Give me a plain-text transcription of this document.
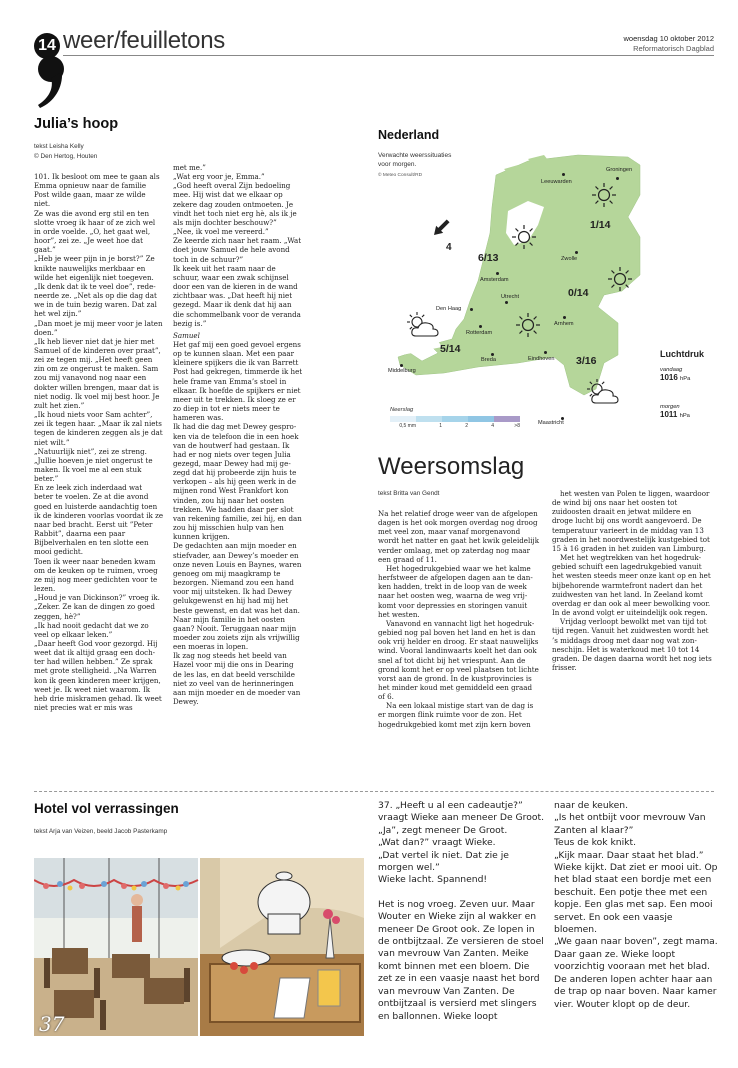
14 weer/feuilletons	woensdag 10 oktober 2012
Reformatorisch Dagblad
Julia’s hoop
tekst Leisha Kelly
© Den Hertog, Houten

101. Ik besloot om mee te gaan als Emma opnieuw naar de familie Post wilde gaan, maar ze wilde niet.

Ze was die avond erg stil en ten slotte vroeg ik haar of ze zich wel in orde voelde. „O, het gaat wel, hoor”, zei ze. „Je weet hoe dat gaat.”

„Heb je weer pijn in je borst?” Ze knikte nauwelijks merkbaar en wilde het eigenlijk niet toegeven. „Ik denk dat ik te veel doe”, redeneerde ze. „Net als op die dag dat we in de tuin bezig waren. Dat zal het wel zijn.”

„Dan moet je mij meer voor je laten doen.”

„Ik heb liever niet dat je hier met Samuel of de kinderen over praat”, zei ze tegen mij. „Het heeft geen zin om ze ongerust te maken. Sam zou mij vanavond nog naar een dokter willen brengen, maar dat is niet nodig. Ik voel mij best hoor. Je zult het zien.”

„Ik houd niets voor Sam achter”, zei ik tegen haar. „Maar ik zal niets tegen de kinderen zeggen als je dat niet wilt.”

„Natuurlijk niet”, zei ze streng. „Jullie hoeven je niet ongerust te maken. Ik voel me al een stuk beter.”

En ze leek zich inderdaad wat beter te voelen. Ze at die avond goed en luisterde aandachtig toen ik de kinderen voorlas voordat ik ze naar bed bracht. Eerst uit ”Peter Rabbit”, daarna een paar Bijbelverhalen en ten slotte een mooi gedicht.

Toen ik weer naar beneden kwam om de keuken op te ruimen, vroeg ze mij nog meer gedichten voor te lezen.

„Houd je van Dickinson?” vroeg ik.

„Zeker. Ze kan de dingen zo goed zeggen, hè?”

„Ik had nooit gedacht dat we zo veel op elkaar leken.”

„Daar heeft God voor gezorgd. Hij weet dat ik altijd graag een dochter had willen hebben.” Ze sprak met grote stelligheid. „Na Warren kon ik geen kinderen meer krijgen, weet je. Ik weet niet waarom. Ik heb drie miskramen gehad. Ik weet niet precies wat er mis was

met me.”

„Wat erg voor je, Emma.”

„God heeft overal Zijn bedoeling mee. Hij wist dat we elkaar op zekere dag zouden ontmoeten. Je vindt het toch niet erg hè, als ik je als mijn dochter beschouw?”

„Nee, ik voel me vereerd.”

Ze keerde zich naar het raam. „Wat doet jouw Samuel de hele avond toch in de schuur?”

Ik keek uit het raam naar de schuur, waar een zwak schijnsel door een van de kieren in de wand zichtbaar was. „Dat heeft hij niet gezegd. Maar ik denk dat hij aan die schommelbank voor de veranda bezig is.”

Samuel

Het gaf mij een goed gevoel ergens op te kunnen slaan. Met een paar kleinere spijkers die ik van Barrett Post had gekregen, timmerde ik het hele frame van Emma’s stoel in elkaar. Ik hoefde de spijkers er niet meer uit te trekken. Ik sloeg ze er zo diep in tot er niets meer te hameren was.

Ik had die dag met Dewey gesproken via de telefoon die in een hoek van de houtwerf had gestaan. Ik had er nog niets over tegen Julia gezegd, maar Dewey had mij gezegd dat hij probeerde zijn huis te verkopen – als hij geen werk in de mijnen rond West Frankfort kon vinden, zou hij naar het oosten trekken. We hadden daar per slot van rekening familie, zei hij, en dan zou hij misschien hulp van hen kunnen krijgen.

De gedachten aan mijn moeder en stiefvader, aan Dewey’s moeder en onze neven Louis en Baynes, waren genoeg om mij maagkramp te bezorgen. Niemand zou een hand voor mij uitsteken. Ik had Dewey gelukgewenst en hij had mij het beste gewenst, en dat was het dan. Naar mijn familie in het oosten gaan? Nooit. Teruggaan naar mijn moeder zou zoiets zijn als vrijwillig een moeras in lopen.

Ik zag nog steeds het beeld van Hazel voor mij die ons in Dearing de les las, en dat beeld verschilde niet zo veel van de herinneringen aan mijn moeder en de moeder van Dewey.

Nederland
Verwachte weerssituaties
voor morgen.
© Meteo Consult/RD
4
Leeuwarden
Groningen
Zwolle
Amsterdam
Den Haag
Utrecht
Arnhem
Rotterdam
Breda	Eindhoven
Middelburg
Maastricht
1/14
6/13
0/14
5/14
3/16
Neerslag
0,5 mm	1	2	4	>8
Luchtdruk
vandaag
1016 hPa
morgen
1011 hPa
Weersomslag
tekst Britta van Gendt

Na het relatief droge weer van de afgelopen dagen is het ook morgen overdag nog droog met veel zon, maar vanaf morgenavond wordt het natter en gaat het kwik geleidelijk verder omlaag, met op zaterdag nog maar een graad of 11.

Het hogedrukgebied waar we het kalme herfstweer de afgelopen dagen aan te danken hadden, trekt in de loop van de week naar het oosten weg, waarna de weg vrijkomt voor depressies en storingen vanuit het westen.

Vanavond en vannacht ligt het hogedrukgebied nog pal boven het land en het is dan ook vrij helder en droog. Er staat nauwelijks wind. Vooral landinwaarts koelt het dan ook snel af tot dicht bij het vriespunt. Aan de grond komt het er op veel plaatsen tot lichte vorst aan de grond. In de kustprovincies is het minder koud met gemiddeld een graad of 6.

Na een lokaal mistige start van de dag is er morgen flink ruimte voor de zon. Het hogedrukgebied komt met zijn kern boven

het westen van Polen te liggen, waardoor de wind bij ons naar het oosten tot zuidoosten draait en jetwat mildere en droge lucht bij ons wordt aangevoerd. De temperatuur varieert in de middag van 13 graden in het noordwestelijk kustgebied tot 15 à 16 graden in het zuiden van Limburg.

Met het wegtrekken van het hogedrukgebied schuift een lagedrukgebied vanuit het westen steeds meer onze kant op en het bijbehorende warmtefront nadert dan het zuidwesten van het land. In Zeeland komt overdag er dan ook al meer bewolking voor. In de avond volgt er uiteindelijk ook regen.

Vrijdag verloopt bewolkt met van tijd tot tijd regen. Vanuit het zuidwesten wordt het ’s middags droog met daar nog wat zonneschijn. Het is waterkoud met 10 tot 14 graden. De dagen daarna wordt het nog iets frisser.

Hotel vol verrassingen
tekst Arja van Veizen, beeld Jacob Pasterkamp
37

37. „Heeft u al een cadeautje?” vraagt Wieke aan meneer De Groot.

„Ja”, zegt meneer De Groot.

„Wat dan?” vraagt Wieke.

„Dat vertel ik niet. Dat zie je morgen wel.”

Wieke lacht. Spannend!

Het is nog vroeg. Zeven uur. Maar Wouter en Wieke zijn al wakker en meneer De Groot ook. Ze lopen in de ontbijtzaal. Ze versieren de stoel van mevrouw Van Zanten. Meike komt binnen met een bloem. Die zet ze in een vaasje naast het bord van mevrouw Van Zanten. De ontbijtzaal is versierd met slingers en ballonnen. Wieke loopt

naar de keuken.

„Is het ontbijt voor mevrouw Van Zanten al klaar?”

Teus de kok knikt.

„Kijk maar. Daar staat het blad.”

Wieke kijkt. Dat ziet er mooi uit. Op het blad staat een bordje met een beschuit. Een potje thee met een kopje. Een glas met sap. Een mooi servet. En ook een vaasje bloemen.

„We gaan naar boven”, zegt mama. Daar gaan ze. Wieke loopt voorzichtig vooraan met het blad.

De anderen lopen achter haar aan de trap op naar boven. Naar kamer vier. Wouter klopt op de deur.
